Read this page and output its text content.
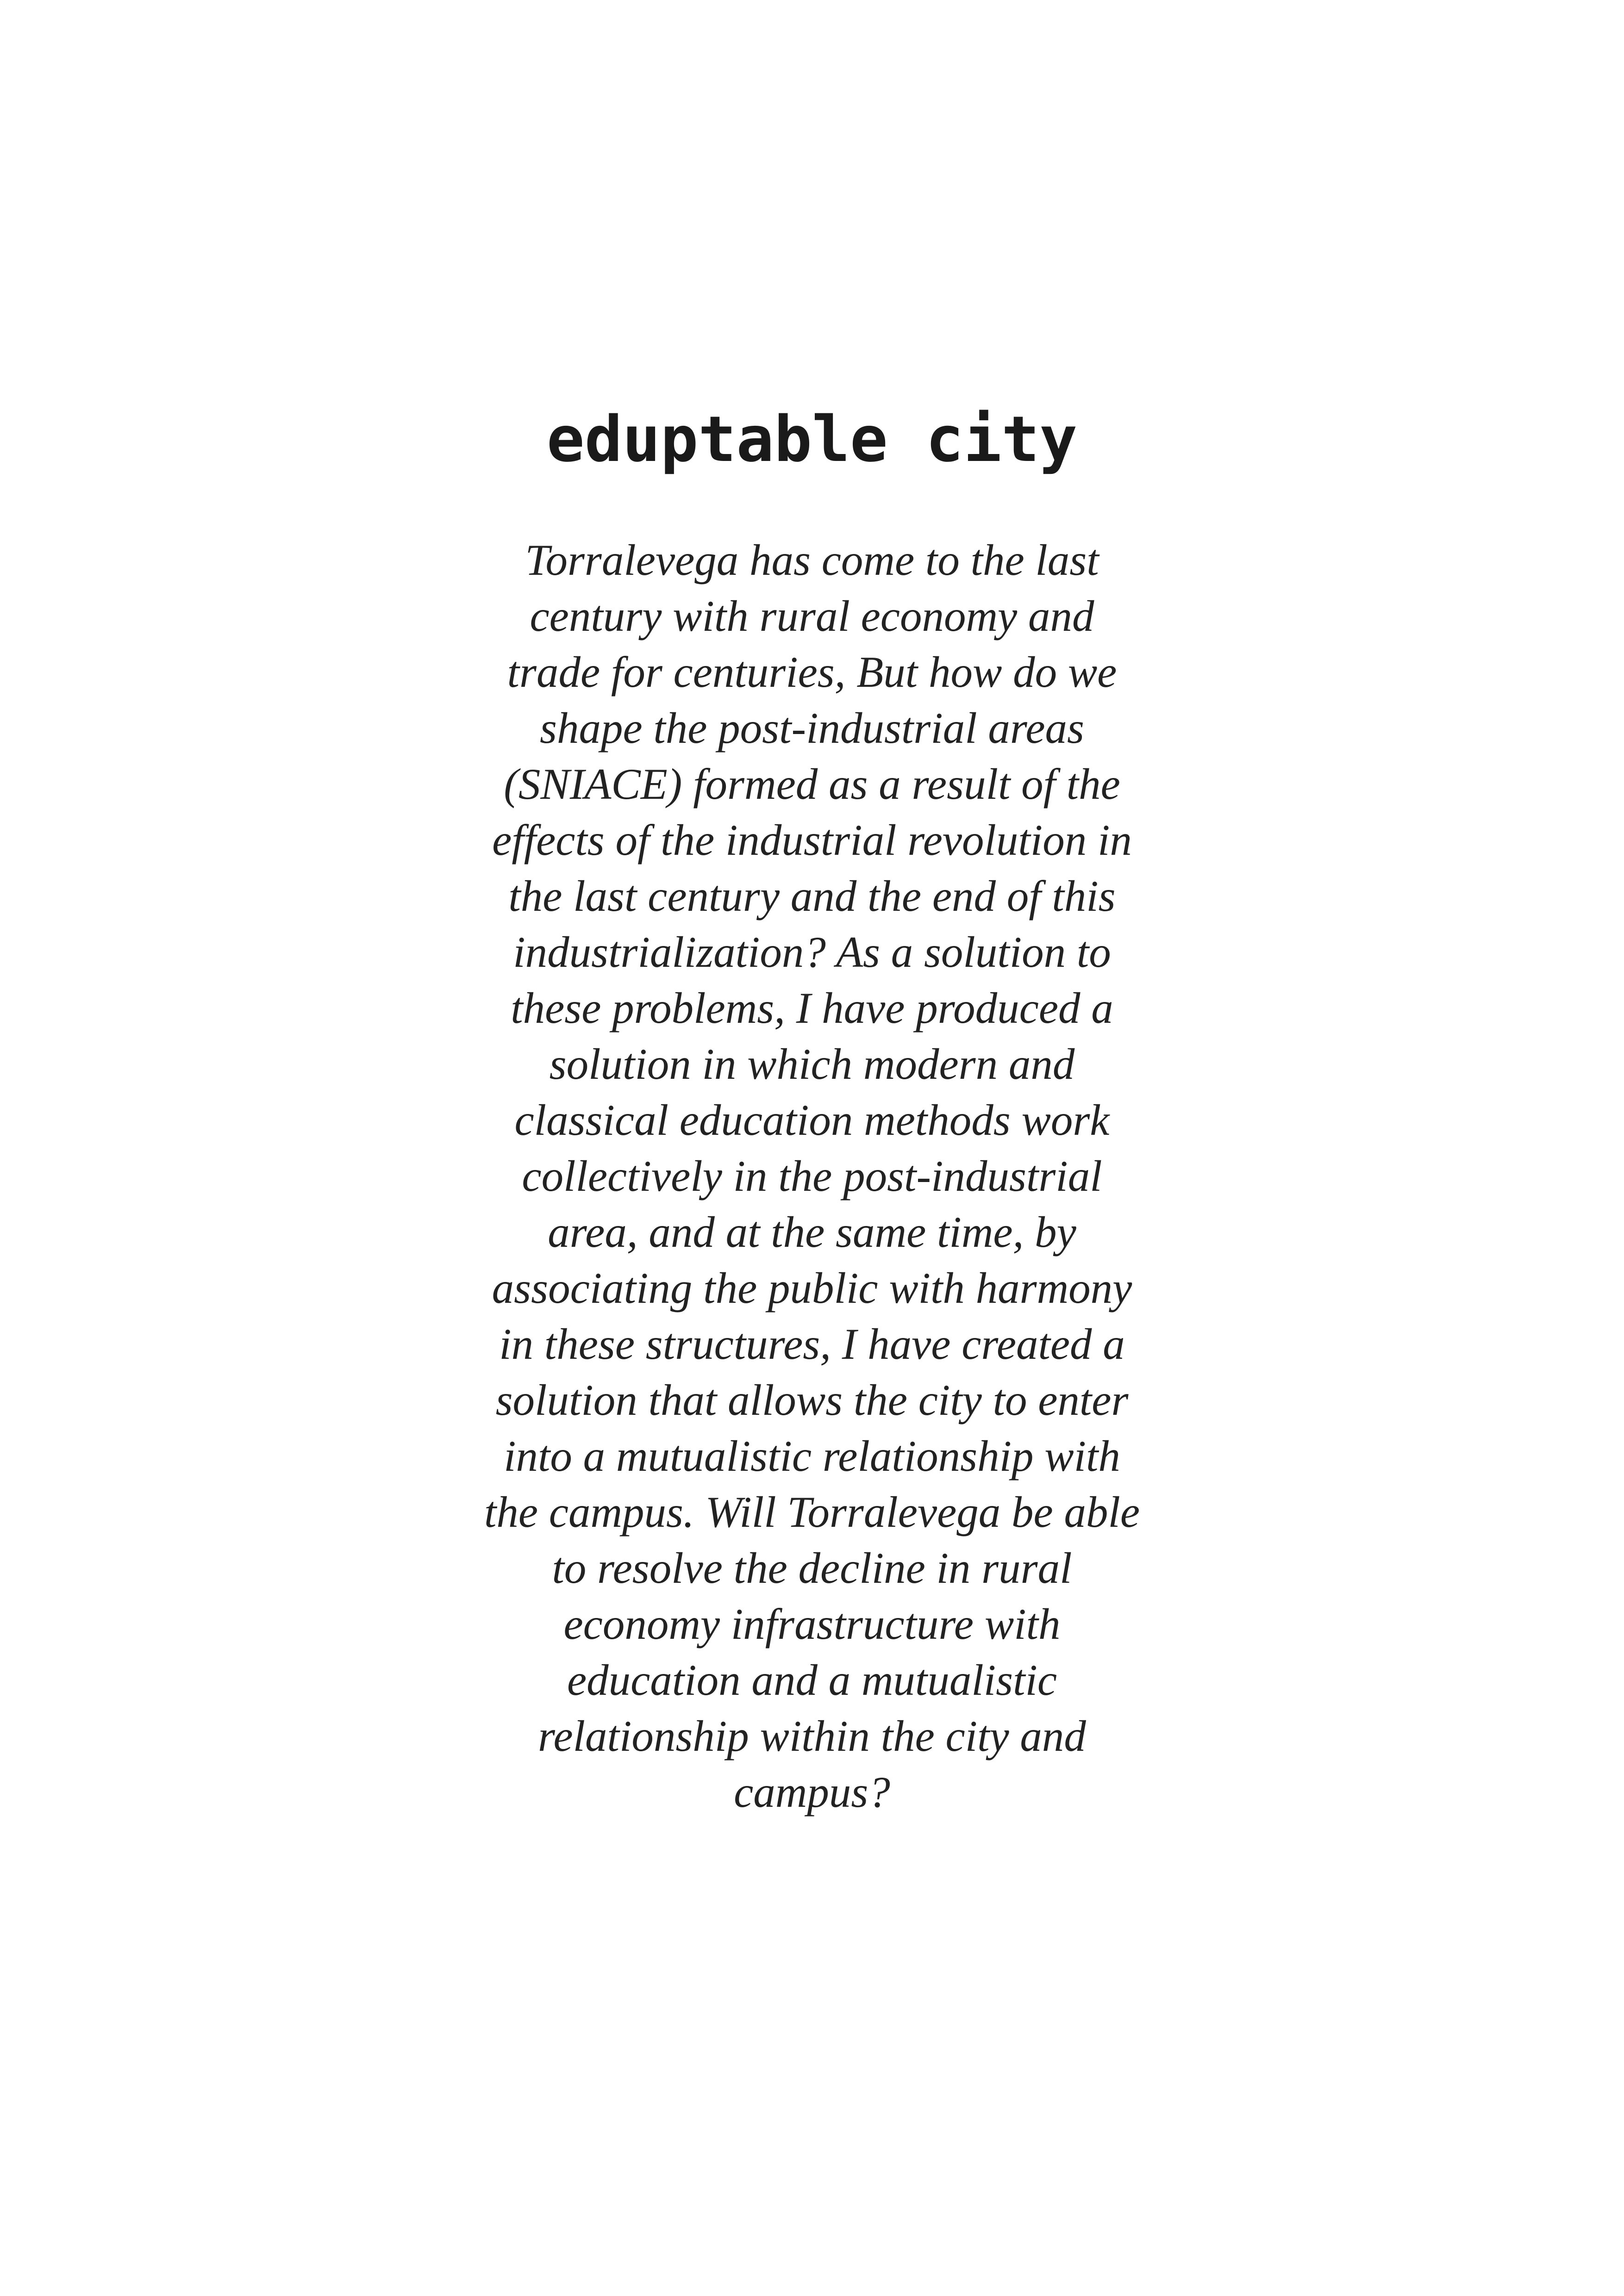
eduptable city
Torralevega has come to the last
century with rural economy and
trade for centuries, But how do we
shape the post-industrial areas
(SNIACE) formed as a result of the
effects of the industrial revolution in
the last century and the end of this
industrialization? As a solution to
these problems, I have produced a
solution in which modern and
classical education methods work
collectively in the post-industrial
area, and at the same time, by
associating the public with harmony
in these structures, I have created a
solution that allows the city to enter
into a mutualistic relationship with
the campus. Will Torralevega be able
to resolve the decline in rural
economy infrastructure with
education and a mutualistic
relationship within the city and
campus?
